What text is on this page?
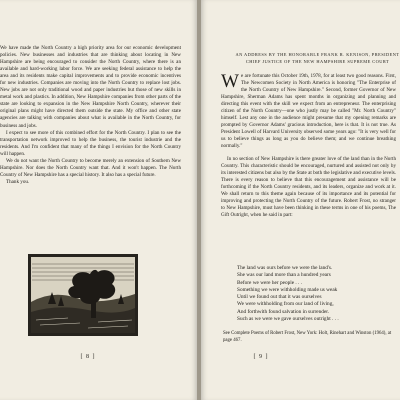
We have made the North Country a high priority area for our economic development policies. New businesses and industries that are thinking about locating in New Hampshire are being encouraged to consider the North Country, where there is an available and hard-working labor force. We are seeking federal assistance to help the area and its residents make capital improvements and to provide economic incentives for new industries. Companies are moving into the North Country to replace lost jobs. New jobs are not only traditional wood and paper industries but those of new skills in metal work and plastics. In addition, New Hampshire companies from other parts of the state are looking to expansion in the New Hampshire North Country, wherever their original plans might have directed them outside the state. My office and other state agencies are talking with companies about what is available in the North Country, for business and jobs.

I expect to see more of this combined effort for the North Country. I plan to see the transportation network improved to help the business, the tourist industrie and the residents. And I'm confident that many of the things I envision for the North Country will happen.

We do not want the North Country to become merely an extension of Southern New Hampshire. Nor does the North Country want that. And it won't happen. The North Country of New Hampshire has a special history. It also has a special future.

Thank you.

[ 8 ]
AN ADDRESS BY THE HONORABLE FRANK R. KENISON, PRESIDENT
CHIEF JUSTICE OF THE NEW HAMPSHIRE SUPREME COURT

We are fortunate this October 19th, 1978, for at least two good reasons. First, The Newcomen Society in North America is honoring "The Enterprise of the North Country of New Hampshire." Second, former Governor of New Hampshire, Sherman Adams has spent months in organizing and planning and directing this event with the skill we expect from an entrepreneur. The enterprising citizen of the North Country—one who justly may be called "Mr. North Country" himself. Lest any one in the audience might presume that my opening remarks are prompted by Governor Adams' gracious introduction, here is that. It is not true. As President Lowell of Harvard University observed some years ago: "It is very well for us to believe things as long as you do believe them; and we continue breathing normally."

In no section of New Hampshire is there greater love of the land than in the North Country. This characteristic should be encouraged, nurtured and assisted not only by its interested citizens but also by the State at both the legislative and executive levels. There is every reason to believe that this encouragement and assistance will be forthcoming if the North Country residents, and its leaders, organize and work at it. We shall return to this theme again because of its importance and its potential for improving and protecting the North Country of the future. Robert Frost, no stranger to New Hampshire, must have been thinking in these terms in one of his poems, The Gift Outright, when he said in part:

The land was ours before we were the land's.
She was our land more than a hundred years
Before we were her people . . .
Something we were withholding made us weak
Until we found out that it was ourselves
We were withholding from our land of living,
And forthwith found salvation in surrender.
Such as we were we gave ourselves outright . . .
See Complete Poems of Robert Frost, New York: Holt, Rinehart and Winston (1964), at page 467.
[ 9 ]
